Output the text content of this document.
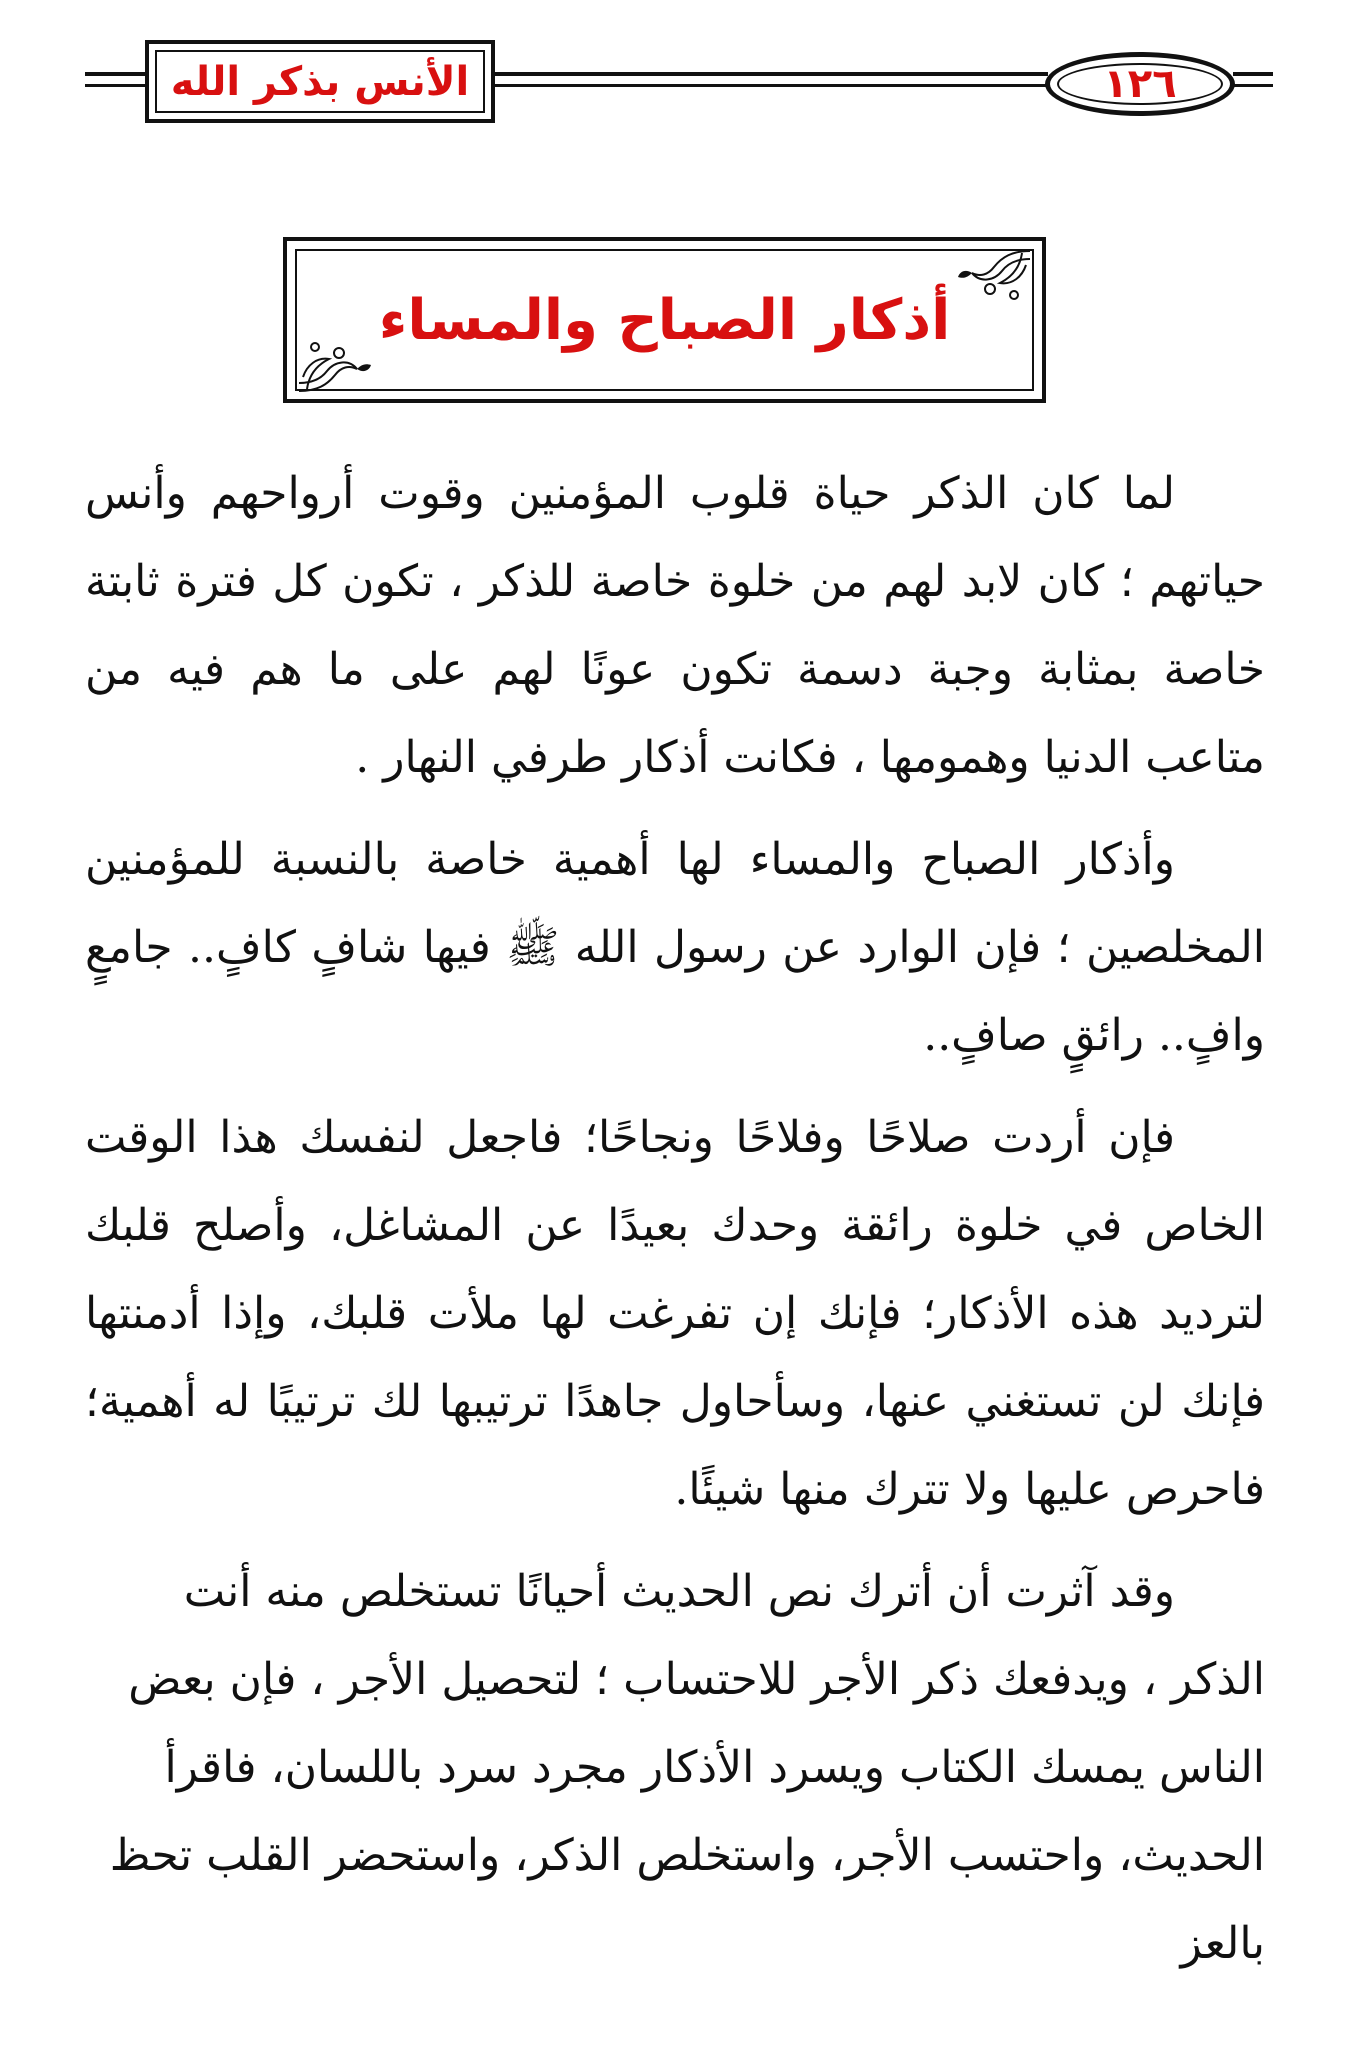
الأنس بذكر الله	١٢٦
أذكار الصباح والمساء

لما كان الذكر حياة قلوب المؤمنين وقوت أرواحهم وأنس حياتهم ؛ كان لابد لهم من خلوة خاصة للذكر ، تكون كل فترة ثابتة خاصة بمثابة وجبة دسمة تكون عونًا لهم على ما هم فيه من متاعب الدنيا وهمومها ، فكانت أذكار طرفي النهار .

وأذكار الصباح والمساء لها أهمية خاصة بالنسبة للمؤمنين المخلصين ؛ فإن الوارد عن رسول الله ﷺ فيها شافٍ كافٍ.. جامعٍ وافٍ.. رائقٍ صافٍ..

فإن أردت صلاحًا وفلاحًا ونجاحًا؛ فاجعل لنفسك هذا الوقت الخاص في خلوة رائقة وحدك بعيدًا عن المشاغل، وأصلح قلبك لترديد هذه الأذكار؛ فإنك إن تفرغت لها ملأت قلبك، وإذا أدمنتها فإنك لن تستغني عنها، وسأحاول جاهدًا ترتيبها لك ترتيبًا له أهمية؛ فاحرص عليها ولا تترك منها شيئًا.

وقد آثرت أن أترك نص الحديث أحيانًا تستخلص منه أنت الذكر ، ويدفعك ذكر الأجر للاحتساب ؛ لتحصيل الأجر ، فإن بعض الناس يمسك الكتاب ويسرد الأذكار مجرد سرد باللسان، فاقرأ الحديث، واحتسب الأجر، واستخلص الذكر، واستحضر القلب تحظ بالعز
